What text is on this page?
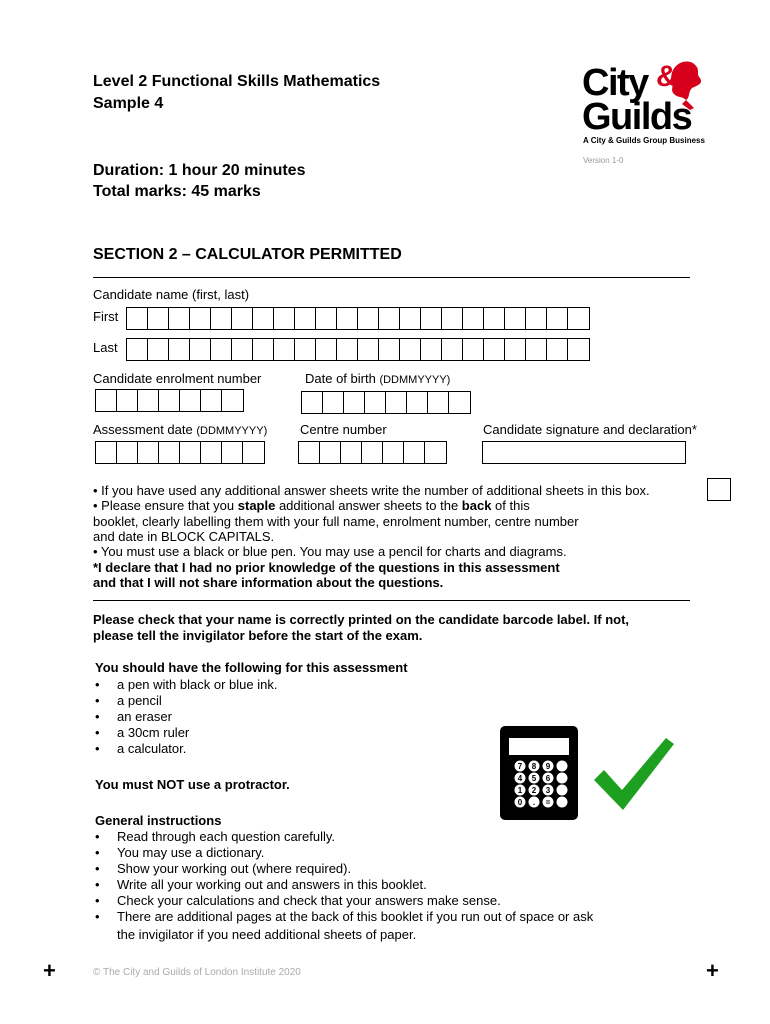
Level 2 Functional Skills Mathematics
Sample 4
Duration: 1 hour 20 minutes
Total marks: 45 marks
SECTION 2 – CALCULATOR PERMITTED
City &
Guilds
A City & Guilds Group Business
Version 1-0
Candidate name (first, last)
First
Last
Candidate enrolment number	Date of birth (DDMMYYYY)
Assessment date (DDMMYYYY)	Centre number	Candidate signature and declaration*
• If you have used any additional answer sheets write the number of additional sheets in this box.
• Please ensure that you staple additional answer sheets to the back of this
booklet, clearly labelling them with your full name, enrolment number, centre number
and date in BLOCK CAPITALS.
• You must use a black or blue pen. You may use a pencil for charts and diagrams.
*I declare that I had no prior knowledge of the questions in this assessment
and that I will not share information about the questions.
Please check that your name is correctly printed on the candidate barcode label. If not,
please tell the invigilator before the start of the exam.
You should have the following for this assessment
• a pen with black or blue ink.
• a pencil
• an eraser
• a 30cm ruler
• a calculator.
You must NOT use a protractor.
7 8 9
4 5 6
1 2 3
0 . =
General instructions
• Read through each question carefully.
• You may use a dictionary.
• Show your working out (where required).
• Write all your working out and answers in this booklet.
• Check your calculations and check that your answers make sense.
• There are additional pages at the back of this booklet if you run out of space or ask
the invigilator if you need additional sheets of paper.
+	© The City and Guilds of London Institute 2020	+
